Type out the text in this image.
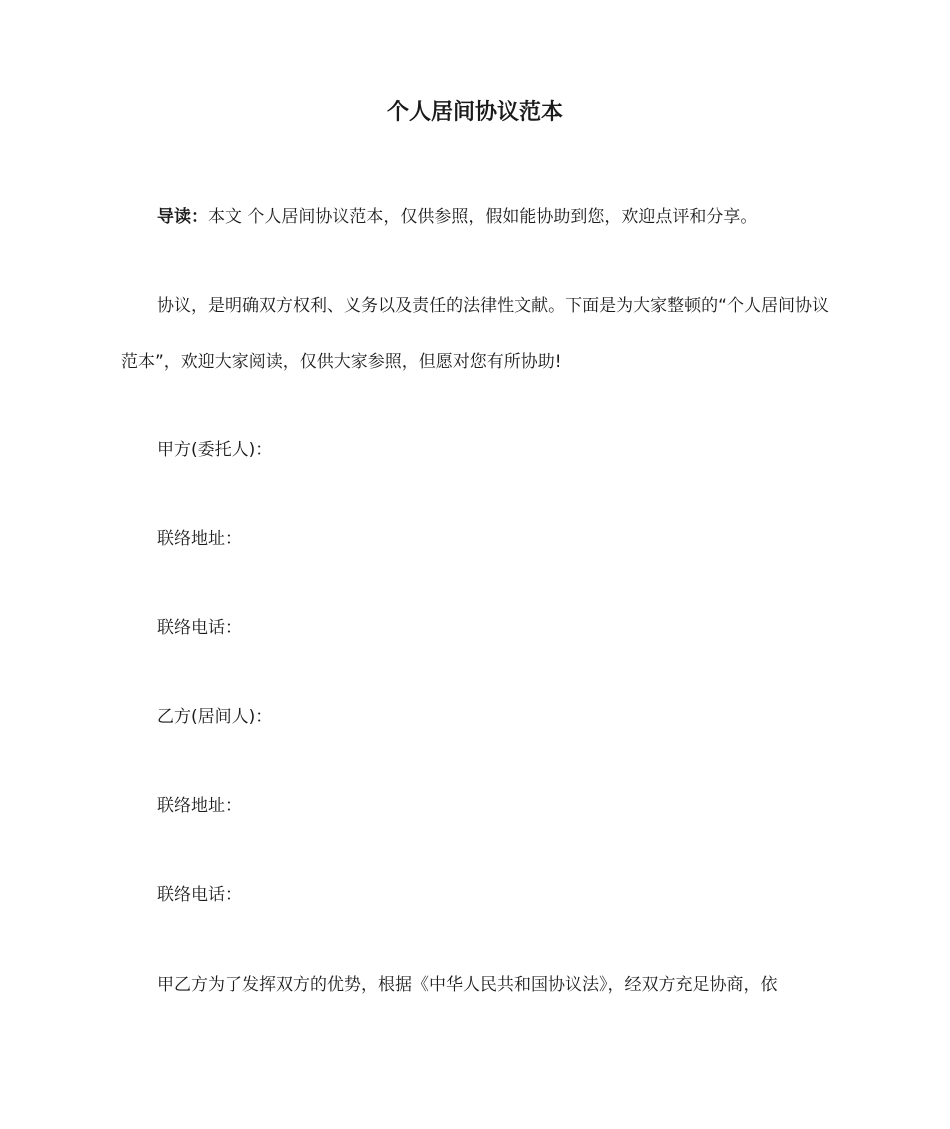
个人居间协议范本

导读：本文 个人居间协议范本，仅供参照，假如能协助到您，欢迎点评和分享。

协议，是明确双方权利、义务以及责任的法律性文献。下面是为大家整顿的“个人居间协议范本”，欢迎大家阅读，仅供大家参照，但愿对您有所协助!

甲方(委托人)：

联络地址：

联络电话：

乙方(居间人)：

联络地址：

联络电话：

甲乙方为了发挥双方的优势，根据《中华人民共和国协议法》，经双方充足协商，依
